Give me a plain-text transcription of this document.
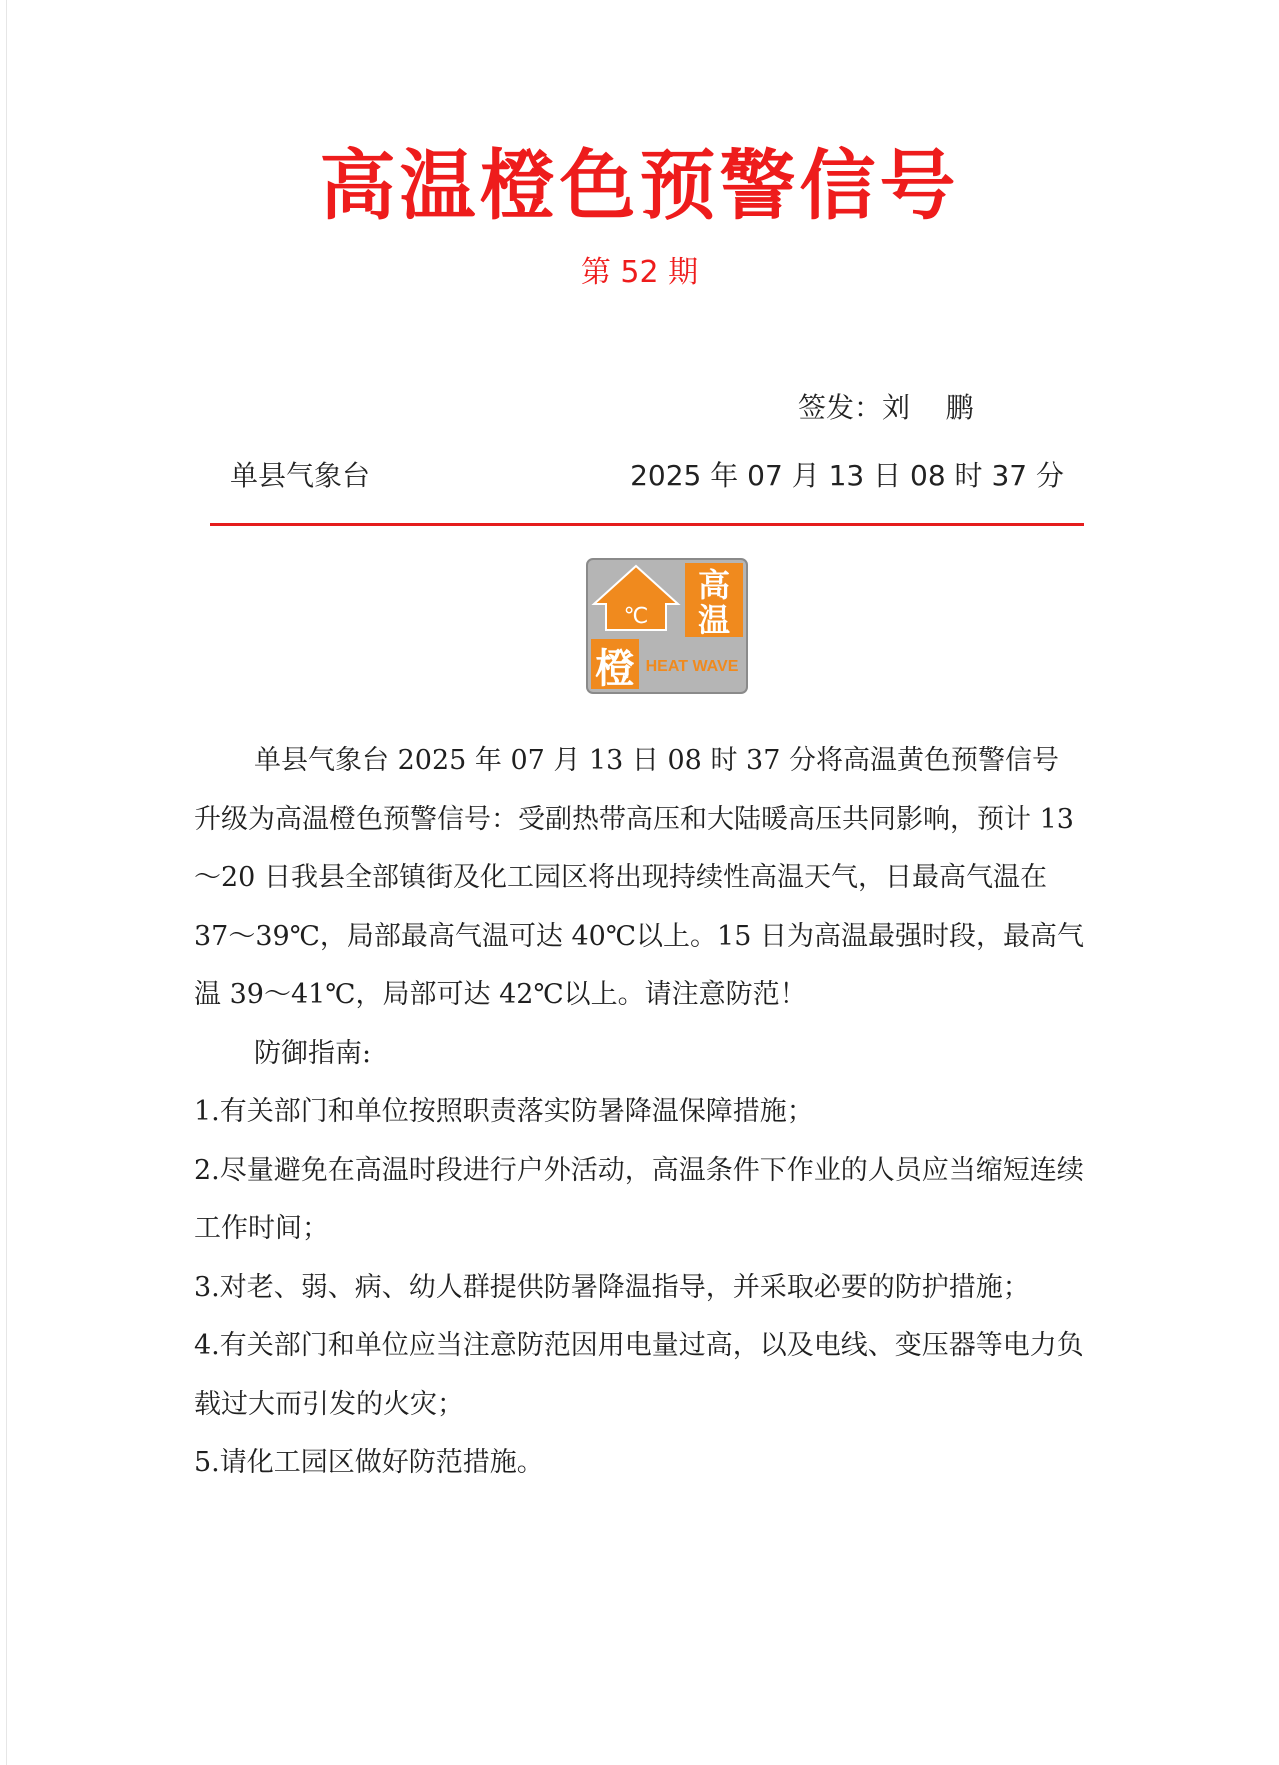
高温橙色预警信号
第 52 期
签发：刘    鹏
单县气象台	2025 年 07 月 13 日 08 时 37 分
℃
高
温
橙 HEAT WAVE

单县气象台 2025 年 07 月 13 日 08 时 37 分将高温黄色预警信号升级为高温橙色预警信号：受副热带高压和大陆暖高压共同影响，预计 13～20 日我县全部镇街及化工园区将出现持续性高温天气，日最高气温在 37～39℃，局部最高气温可达 40℃以上。15 日为高温最强时段，最高气温 39～41℃，局部可达 42℃以上。请注意防范！

防御指南:

1.有关部门和单位按照职责落实防暑降温保障措施；

2.尽量避免在高温时段进行户外活动，高温条件下作业的人员应当缩短连续工作时间；

3.对老、弱、病、幼人群提供防暑降温指导，并采取必要的防护措施；

4.有关部门和单位应当注意防范因用电量过高，以及电线、变压器等电力负载过大而引发的火灾；

5.请化工园区做好防范措施。
